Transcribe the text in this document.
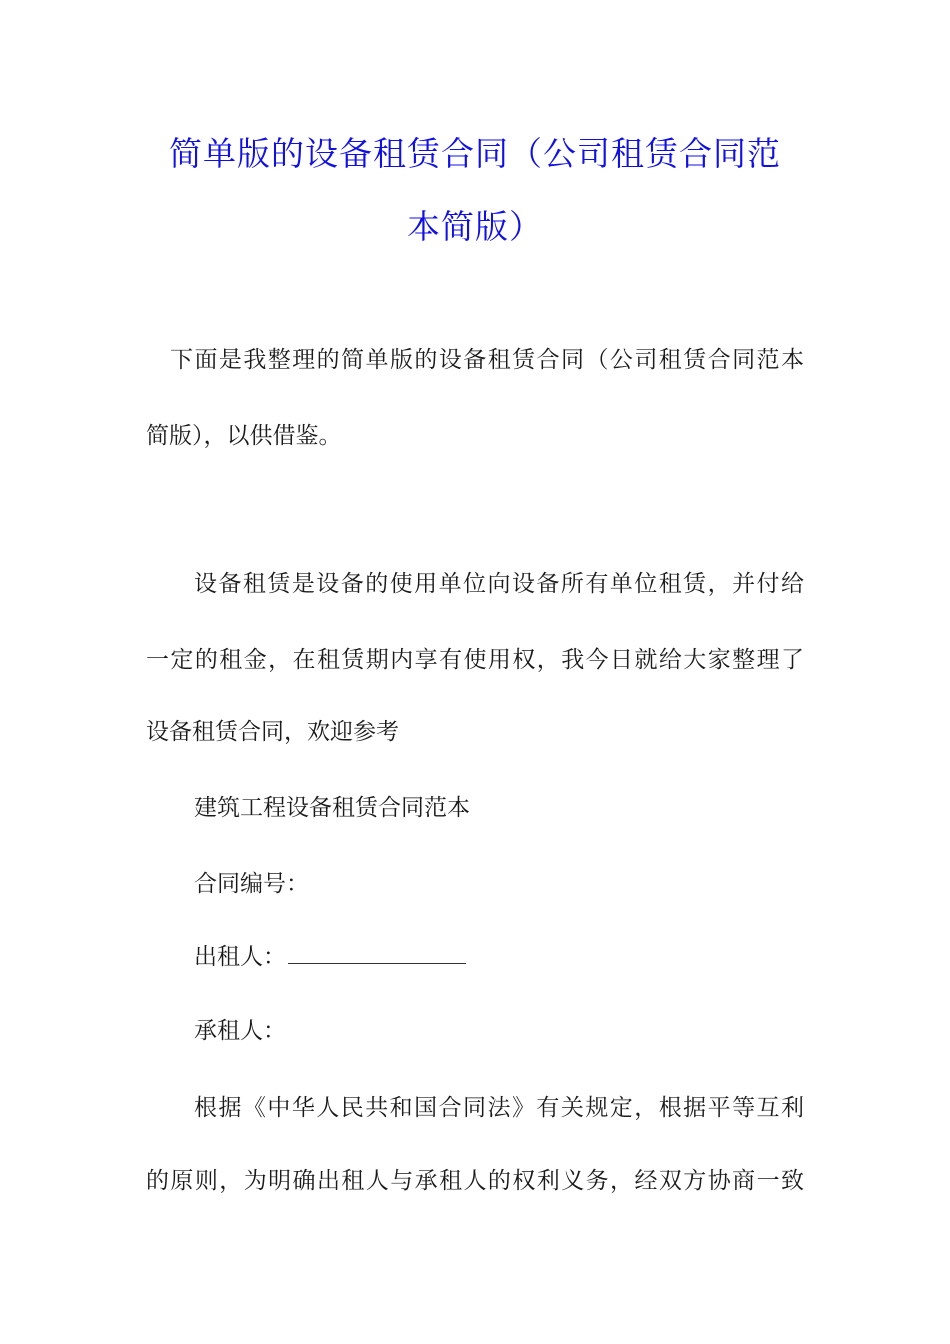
简单版的设备租赁合同（公司租赁合同范
本简版）

下面是我整理的简单版的设备租赁合同（公司租赁合同范本

简版），以供借鉴。

设备租赁是设备的使用单位向设备所有单位租赁，并付给

一定的租金，在租赁期内享有使用权，我今日就给大家整理了

设备租赁合同，欢迎参考

建筑工程设备租赁合同范本

合同编号：

出租人：

承租人：

根据《中华人民共和国合同法》有关规定，根据平等互利

的原则，为明确出租人与承租人的权利义务，经双方协商一致
